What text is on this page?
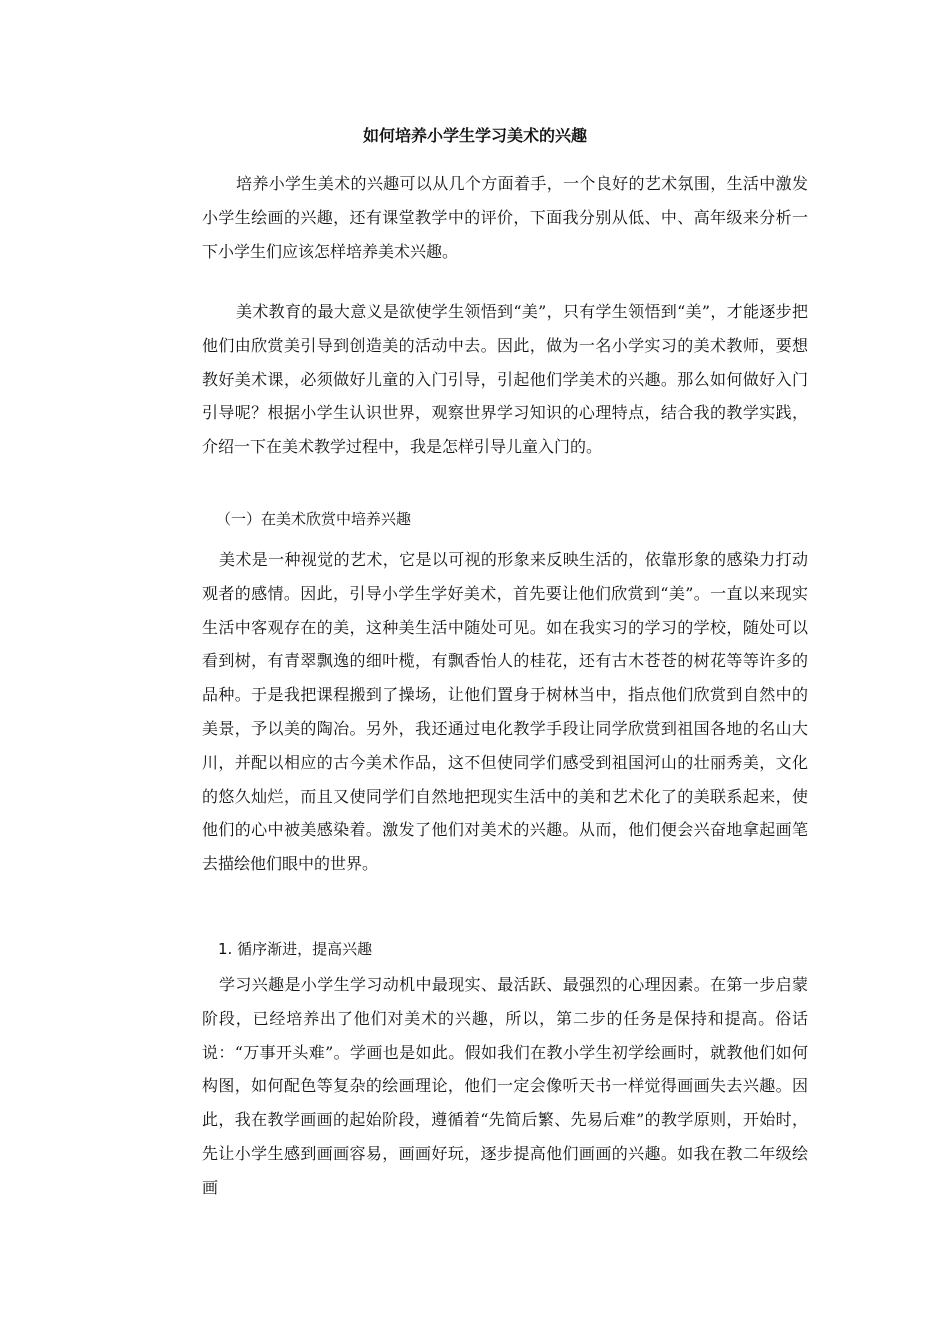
如何培养小学生学习美术的兴趣

培养小学生美术的兴趣可以从几个方面着手，一个良好的艺术氛围，生活中激发小学生绘画的兴趣，还有课堂教学中的评价，下面我分别从低、中、高年级来分析一下小学生们应该怎样培养美术兴趣。

美术教育的最大意义是欲使学生领悟到“美”，只有学生领悟到“美”，才能逐步把他们由欣赏美引导到创造美的活动中去。因此，做为一名小学实习的美术教师，要想教好美术课，必须做好儿童的入门引导，引起他们学美术的兴趣。那么如何做好入门引导呢？根据小学生认识世界，观察世界学习知识的心理特点，结合我的教学实践，介绍一下在美术教学过程中，我是怎样引导儿童入门的。

（一）在美术欣赏中培养兴趣

美术是一种视觉的艺术，它是以可视的形象来反映生活的，依靠形象的感染力打动观者的感情。因此，引导小学生学好美术，首先要让他们欣赏到“美”。一直以来现实生活中客观存在的美，这种美生活中随处可见。如在我实习的学习的学校，随处可以看到树，有青翠飘逸的细叶榄，有飘香怡人的桂花，还有古木苍苍的树花等等许多的品种。于是我把课程搬到了操场，让他们置身于树林当中，指点他们欣赏到自然中的美景，予以美的陶冶。另外，我还通过电化教学手段让同学欣赏到祖国各地的名山大川，并配以相应的古今美术作品，这不但使同学们感受到祖国河山的壮丽秀美，文化的悠久灿烂，而且又使同学们自然地把现实生活中的美和艺术化了的美联系起来，使他们的心中被美感染着。激发了他们对美术的兴趣。从而，他们便会兴奋地拿起画笔去描绘他们眼中的世界。

1. 循序渐进，提高兴趣

学习兴趣是小学生学习动机中最现实、最活跃、最强烈的心理因素。在第一步启蒙阶段，已经培养出了他们对美术的兴趣，所以，第二步的任务是保持和提高。俗话说：“万事开头难”。学画也是如此。假如我们在教小学生初学绘画时，就教他们如何构图，如何配色等复杂的绘画理论，他们一定会像听天书一样觉得画画失去兴趣。因此，我在教学画画的起始阶段，遵循着“先简后繁、先易后难”的教学原则，开始时，先让小学生感到画画容易，画画好玩，逐步提高他们画画的兴趣。如我在教二年级绘画
